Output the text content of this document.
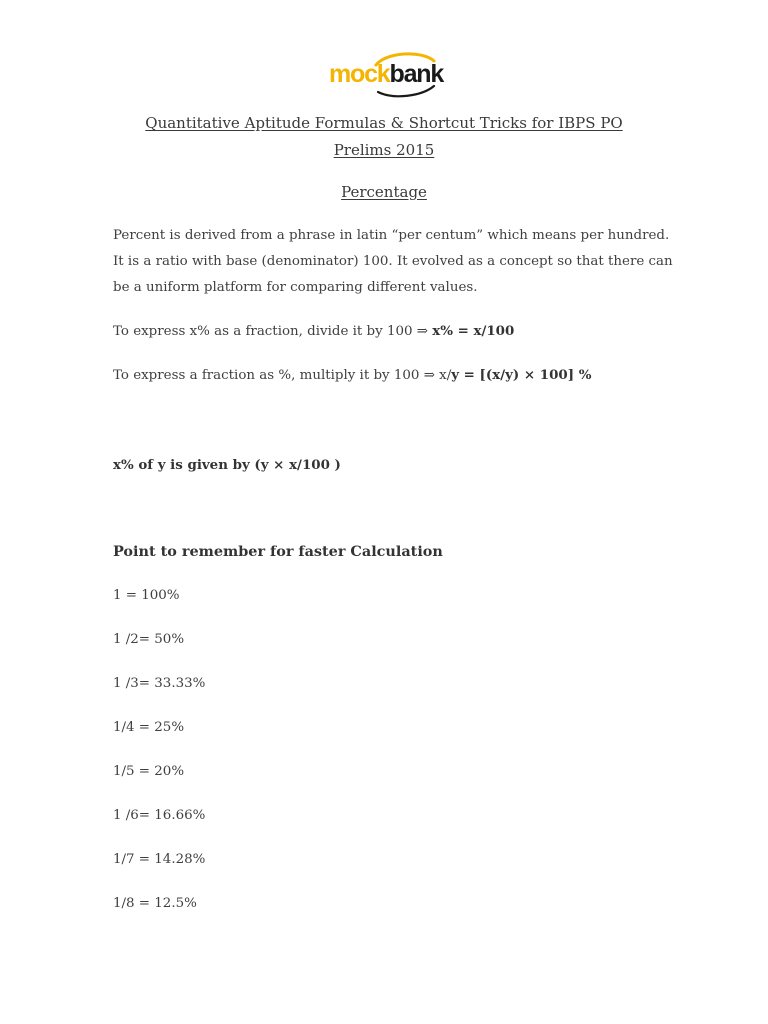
mockbank
Quantitative Aptitude Formulas & Shortcut Tricks for IBPS PO
Prelims 2015
Percentage
Percent is derived from a phrase in latin “per centum” which means per hundred. It is a ratio with base (denominator) 100. It evolved as a concept so that there can be a uniform platform for comparing different values.
To express x% as a fraction, divide it by 100 ⇒ x% = x/100
To express a fraction as %, multiply it by 100 ⇒ x/y = [(x/y) × 100] %
x% of y is given by (y × x/100 )
Point to remember for faster Calculation
1 = 100%
1 /2= 50%
1 /3= 33.33%
1/4 = 25%
1/5 = 20%
1 /6= 16.66%
1/7 = 14.28%
1/8 = 12.5%
